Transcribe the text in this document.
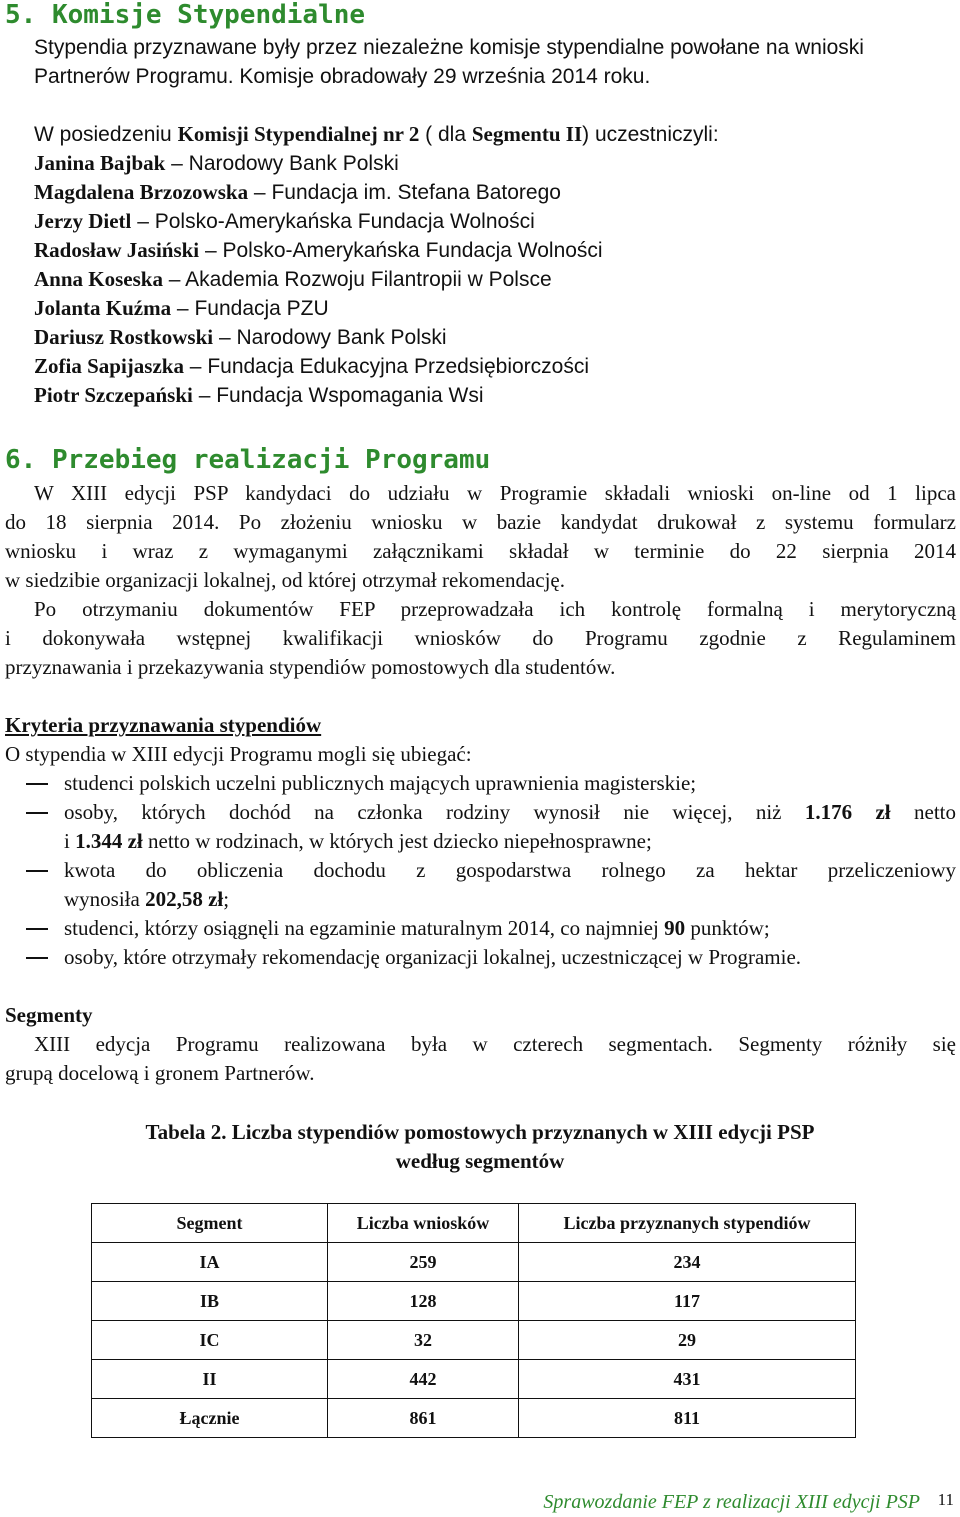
5. Komisje Stypendialne
Stypendia przyznawane były przez niezależne komisje stypendialne powołane na wnioski
Partnerów Programu. Komisje obradowały 29 września 2014 roku.
W posiedzeniu Komisji Stypendialnej nr 2 ( dla Segmentu II) uczestniczyli:
Janina Bajbak – Narodowy Bank Polski
Magdalena Brzozowska – Fundacja im. Stefana Batorego
Jerzy Dietl – Polsko-Amerykańska Fundacja Wolności
Radosław Jasiński – Polsko-Amerykańska Fundacja Wolności
Anna Koseska – Akademia Rozwoju Filantropii w Polsce
Jolanta Kuźma – Fundacja PZU
Dariusz Rostkowski – Narodowy Bank Polski
Zofia Sapijaszka – Fundacja Edukacyjna Przedsiębiorczości
Piotr Szczepański – Fundacja Wspomagania Wsi
6. Przebieg realizacji Programu
W XIII edycji PSP kandydaci do udziału w Programie składali wnioski on-line od 1 lipca
do 18 sierpnia 2014. Po złożeniu wniosku w bazie kandydat drukował z systemu formularz
wniosku i wraz z wymaganymi załącznikami składał w terminie do 22 sierpnia 2014
w siedzibie organizacji lokalnej, od której otrzymał rekomendację.
Po otrzymaniu dokumentów FEP przeprowadzała ich kontrolę formalną i merytoryczną
i dokonywała wstępnej kwalifikacji wniosków do Programu zgodnie z Regulaminem
przyznawania i przekazywania stypendiów pomostowych dla studentów.
Kryteria przyznawania stypendiów
O stypendia w XIII edycji Programu mogli się ubiegać:
studenci polskich uczelni publicznych mających uprawnienia magisterskie;
osoby, których dochód na członka rodziny wynosił nie więcej, niż 1.176 zł netto
i 1.344 zł netto w rodzinach, w których jest dziecko niepełnosprawne;
kwota do obliczenia dochodu z gospodarstwa rolnego za hektar przeliczeniowy
wynosiła 202,58 zł;
studenci, którzy osiągnęli na egzaminie maturalnym 2014, co najmniej 90 punktów;
osoby, które otrzymały rekomendację organizacji lokalnej, uczestniczącej w Programie.
Segmenty
XIII edycja Programu realizowana była w czterech segmentach. Segmenty różniły się
grupą docelową i gronem Partnerów.
Tabela 2. Liczba stypendiów pomostowych przyznanych w XIII edycji PSP
według segmentów
Segment	Liczba wniosków	Liczba przyznanych stypendiów
IA	259	234
IB	128	117
IC	32	29
II	442	431
Łącznie	861	811
Sprawozdanie FEP z realizacji XIII edycji PSP 11
